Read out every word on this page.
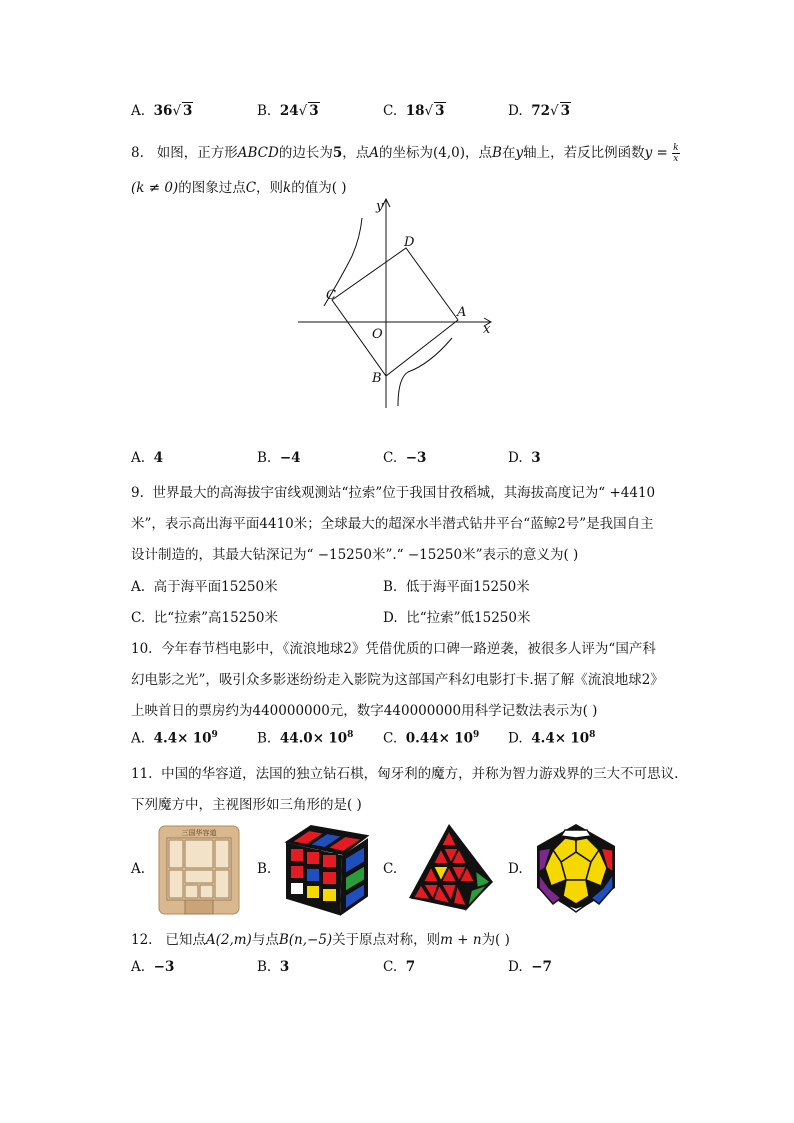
A. 36√ 3	B. 24√ 3	C. 18√ 3	D. 72√ 3
8. 如图，正方形ABCD的边长为5，点A的坐标为(4,0)，点B在y轴上，若反比例函数$y = \frac{k}{x}$
(k ≠ 0)的图象过点C，则k的值为( )
y
x
O
A
B
C
D
A. 4	B. −4	C. −3	D. 3
9. 世界最大的高海拔宇宙线观测站“拉索”位于我国甘孜稻城，其海拔高度记为“ +4410
米”，表示高出海平面4410米；全球最大的超深水半潜式钻井平台“蓝鲸2号”是我国自主
设计制造的，其最大钻深记为“ −15250米”.“ −15250米”表示的意义为( )
A. 高于海平面15250米	B. 低于海平面15250米
C. 比“拉索”高15250米	D. 比“拉索”低15250米
10. 今年春节档电影中，《流浪地球2》凭借优质的口碑一路逆袭，被很多人评为“国产科
幻电影之光”，吸引众多影迷纷纷走入影院为这部国产科幻电影打卡.据了解《流浪地球2》
上映首日的票房约为440000000元，数字440000000用科学记数法表示为( )
A. $4.4\times 10^9$	B. $44.0\times 10^8$ C. $0.44\times 10^9$ D. $4.4\times 10^8$
11. 中国的华容道，法国的独立钻石棋，匈牙利的魔方，并称为智力游戏界的三大不可思议.
下列魔方中，主视图形如三角形的是( )
A.	B.	C.	D.
三国华容道
12. 已知点A(2,m)与点B(n,−5)关于原点对称，则m + n为( )
A. −3	B. 3	C. 7	D. −7
